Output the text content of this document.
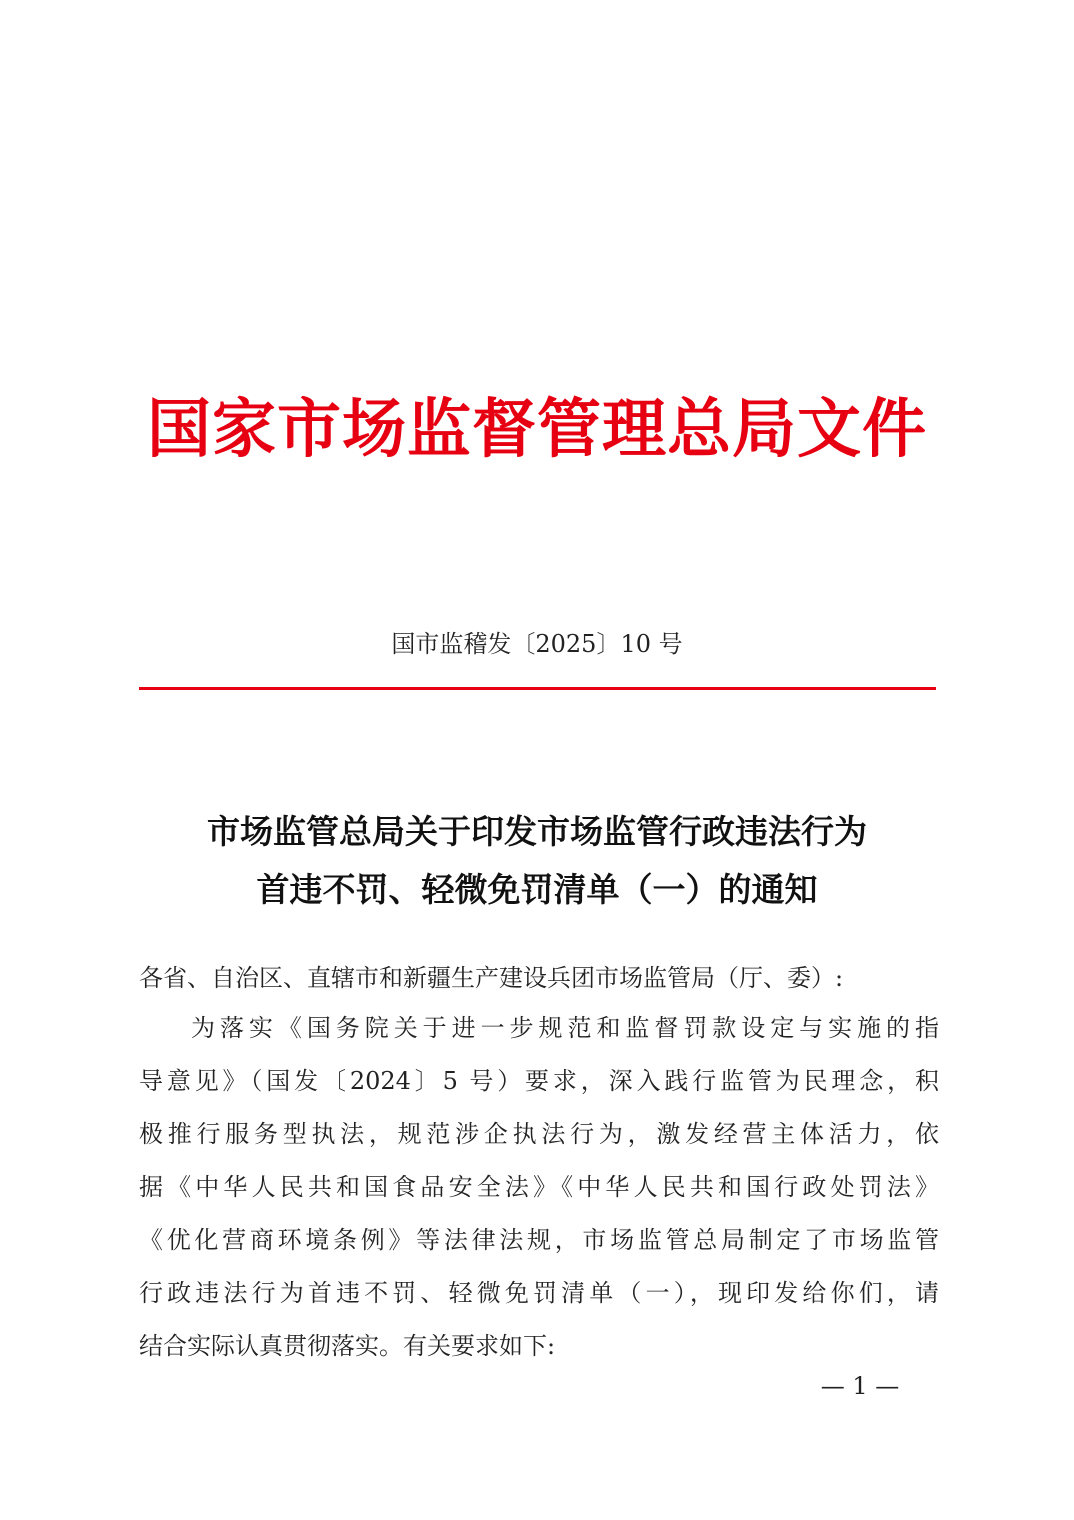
国家市场监督管理总局文件
国市监稽发〔2025〕10 号
市场监管总局关于印发市场监管行政违法行为
首违不罚、轻微免罚清单（一）的通知
各省、自治区、直辖市和新疆生产建设兵团市场监管局（厅、委）:
为落实《国务院关于进一步规范和监督罚款设定与实施的指
导意见》（国发〔2024〕5 号）要求，深入践行监管为民理念，积
极推行服务型执法，规范涉企执法行为，激发经营主体活力，依
据《中华人民共和国食品安全法》《中华人民共和国行政处罚法》
《优化营商环境条例》等法律法规，市场监管总局制定了市场监管
行政违法行为首违不罚、轻微免罚清单（一），现印发给你们，请
结合实际认真贯彻落实。有关要求如下:
— 1 —
